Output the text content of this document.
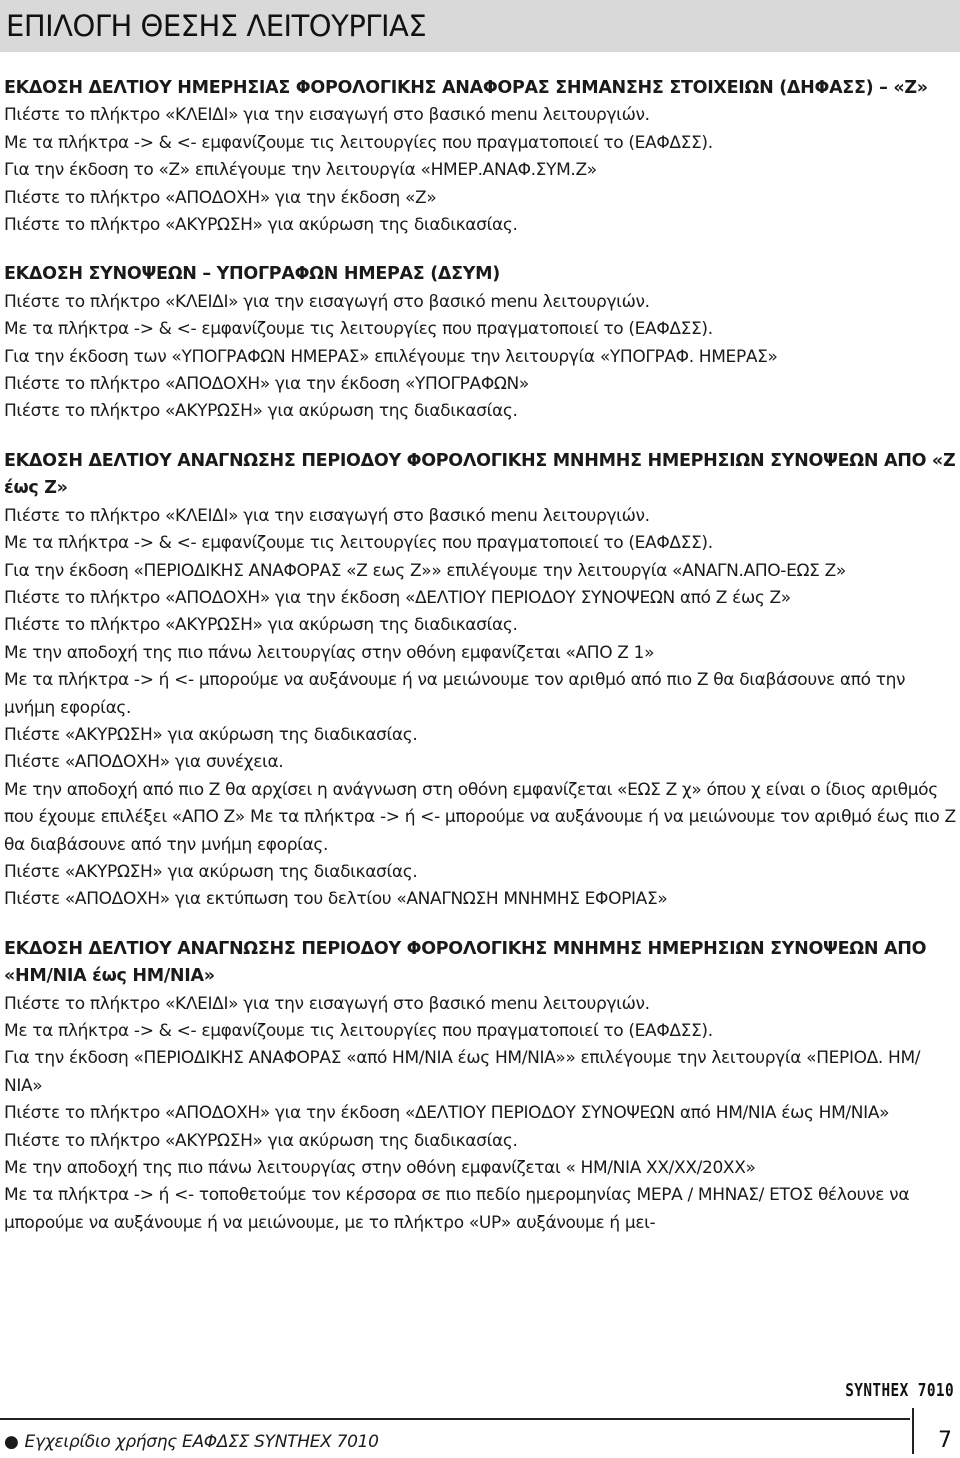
ΕΠΙΛΟΓΗ ΘΕΣΗΣ ΛΕΙΤΟΥΡΓΙΑΣ
ΕΚΔΟΣΗ ΔΕΛΤΙΟΥ ΗΜΕΡΗΣΙΑΣ ΦΟΡΟΛΟΓΙΚΗΣ ΑΝΑΦΟΡΑΣ ΣΗΜΑΝΣΗΣ ΣΤΟΙΧΕΙΩΝ (ΔΗΦΑΣΣ) – «Ζ»

Πιέστε το πλήκτρο «ΚΛΕΙΔΙ» για την εισαγωγή στο βασικό menu λειτουργιών.

Με τα πλήκτρα -> & <- εμφανίζουμε τις λειτουργίες που πραγματοποιεί το (ΕΑΦΔΣΣ).

Για την έκδοση το «Ζ» επιλέγουμε την λειτουργία «ΗΜΕΡ.ΑΝΑΦ.ΣΥΜ.Ζ»

Πιέστε το πλήκτρο «ΑΠΟΔΟΧΗ» για την έκδοση «Ζ»

Πιέστε το πλήκτρο «ΑΚΥΡΩΣΗ» για ακύρωση της διαδικασίας.

ΕΚΔΟΣΗ ΣΥΝΟΨΕΩΝ – ΥΠΟΓΡΑΦΩΝ ΗΜΕΡΑΣ (ΔΣΥΜ)

Πιέστε το πλήκτρο «ΚΛΕΙΔΙ» για την εισαγωγή στο βασικό menu λειτουργιών.

Με τα πλήκτρα -> & <- εμφανίζουμε τις λειτουργίες που πραγματοποιεί το (ΕΑΦΔΣΣ).

Για την έκδοση των «ΥΠΟΓΡΑΦΩΝ ΗΜΕΡΑΣ» επιλέγουμε την λειτουργία «ΥΠΟΓΡΑΦ. ΗΜΕΡΑΣ»

Πιέστε το πλήκτρο «ΑΠΟΔΟΧΗ» για την έκδοση «ΥΠΟΓΡΑΦΩΝ»

Πιέστε το πλήκτρο «ΑΚΥΡΩΣΗ» για ακύρωση της διαδικασίας.

ΕΚΔΟΣΗ ΔΕΛΤΙΟΥ ΑΝΑΓΝΩΣΗΣ ΠΕΡΙΟΔΟΥ ΦΟΡΟΛΟΓΙΚΗΣ ΜΝΗΜΗΣ ΗΜΕΡΗΣΙΩΝ ΣΥΝΟΨΕΩΝ ΑΠΟ «Ζ έως Ζ»

Πιέστε το πλήκτρο «ΚΛΕΙΔΙ» για την εισαγωγή στο βασικό menu λειτουργιών.

Με τα πλήκτρα -> & <- εμφανίζουμε τις λειτουργίες που πραγματοποιεί το (ΕΑΦΔΣΣ).

Για την έκδοση «ΠΕΡΙΟΔΙΚΗΣ ΑΝΑΦΟΡΑΣ «Ζ εως Ζ»» επιλέγουμε την λειτουργία «ΑΝΑΓΝ.ΑΠΟ-ΕΩΣ Ζ»

Πιέστε το πλήκτρο «ΑΠΟΔΟΧΗ» για την έκδοση «ΔΕΛΤΙΟΥ ΠΕΡΙΟΔΟΥ ΣΥΝΟΨΕΩΝ από Ζ έως Ζ»

Πιέστε το πλήκτρο «ΑΚΥΡΩΣΗ» για ακύρωση της διαδικασίας.

Με την αποδοχή της πιο πάνω λειτουργίας στην οθόνη εμφανίζεται «ΑΠΟ Ζ 1»

Με τα πλήκτρα -> ή <- μπορούμε να αυξάνουμε ή να μειώνουμε τον αριθμό από πιο Ζ θα διαβάσουνε από την μνήμη εφορίας.

Πιέστε «ΑΚΥΡΩΣΗ» για ακύρωση της διαδικασίας.

Πιέστε «ΑΠΟΔΟΧΗ» για συνέχεια.

Με την αποδοχή από πιο Ζ θα αρχίσει η ανάγνωση στη οθόνη εμφανίζεται «ΕΩΣ Ζ χ» όπου χ είναι ο ίδιος αριθμός που έχουμε επιλέξει «ΑΠΟ Ζ» Με τα πλήκτρα -> ή <- μπορούμε να αυξάνουμε ή να μειώνουμε τον αριθμό έως πιο Ζ θα διαβάσουνε από την μνήμη εφορίας.

Πιέστε «ΑΚΥΡΩΣΗ» για ακύρωση της διαδικασίας.

Πιέστε «ΑΠΟΔΟΧΗ» για εκτύπωση του δελτίου «ΑΝΑΓΝΩΣΗ ΜΝΗΜΗΣ ΕΦΟΡΙΑΣ»

ΕΚΔΟΣΗ ΔΕΛΤΙΟΥ ΑΝΑΓΝΩΣΗΣ ΠΕΡΙΟΔΟΥ ΦΟΡΟΛΟΓΙΚΗΣ ΜΝΗΜΗΣ ΗΜΕΡΗΣΙΩΝ ΣΥΝΟΨΕΩΝ ΑΠΟ «ΗΜ/ΝΙΑ έως ΗΜ/ΝΙΑ»

Πιέστε το πλήκτρο «ΚΛΕΙΔΙ» για την εισαγωγή στο βασικό menu λειτουργιών.

Με τα πλήκτρα -> & <- εμφανίζουμε τις λειτουργίες που πραγματοποιεί το (ΕΑΦΔΣΣ).

Για την έκδοση «ΠΕΡΙΟΔΙΚΗΣ ΑΝΑΦΟΡΑΣ «από ΗΜ/ΝΙΑ έως ΗΜ/ΝΙΑ»» επιλέγουμε την λειτουργία «ΠΕΡΙΟΔ. ΗΜ/ΝΙΑ»

Πιέστε το πλήκτρο «ΑΠΟΔΟΧΗ» για την έκδοση «ΔΕΛΤΙΟΥ ΠΕΡΙΟΔΟΥ ΣΥΝΟΨΕΩΝ από ΗΜ/ΝΙΑ έως ΗΜ/ΝΙΑ»

Πιέστε το πλήκτρο «ΑΚΥΡΩΣΗ» για ακύρωση της διαδικασίας.

Με την αποδοχή της πιο πάνω λειτουργίας στην οθόνη εμφανίζεται « ΗΜ/ΝΙΑ XX/XX/20XX»

Με τα πλήκτρα -> ή <- τοποθετούμε τον κέρσορα σε πιο πεδίο ημερομηνίας ΜΕΡΑ / ΜΗΝΑΣ/ ΕΤΟΣ θέλουνε να μπορούμε να αυξάνουμε ή να μειώνουμε, με το πλήκτρο «UP» αυξάνουμε ή μει-

SYNTHEX 7010
● Εγχειρίδιο χρήσης ΕΑΦΔΣΣ SYNTHEX 7010	7
